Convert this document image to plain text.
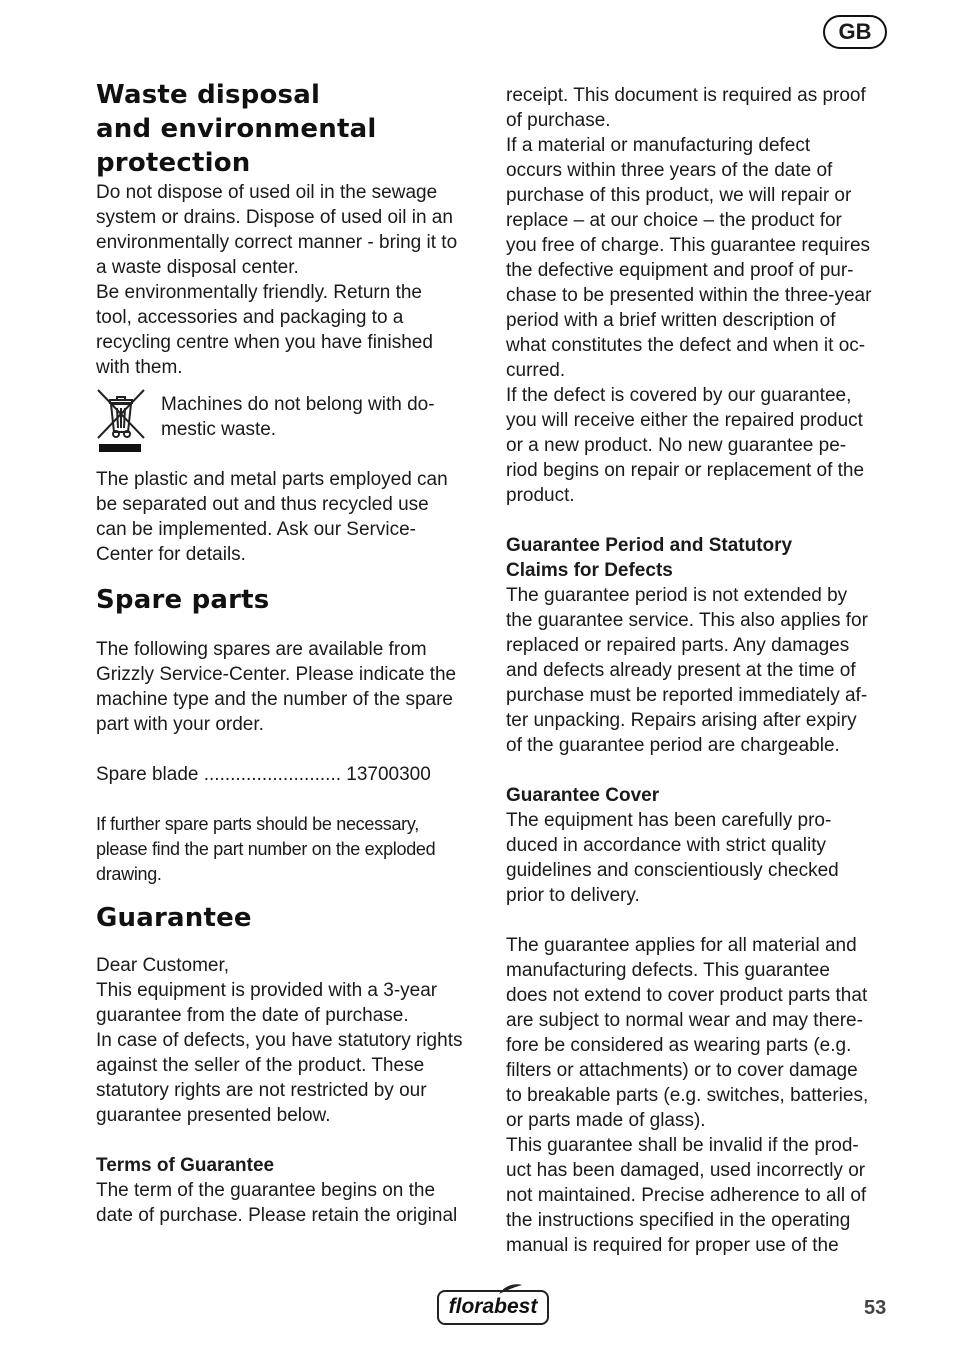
GB
Waste disposal
and environmental
protection

Do not dispose of used oil in the sewage
system or drains. Dispose of used oil in an
environmentally correct manner - bring it to
a waste disposal center.

Be environmentally friendly. Return the
tool, accessories and packaging to a
recycling centre when you have finished
with them.

Machines do not belong with do-
mestic waste.

The plastic and metal parts employed can
be separated out and thus recycled use
can be implemented. Ask our Service-
Center for details.

Spare parts

The following spares are available from
Grizzly Service-Center. Please indicate the
machine type and the number of the spare
part with your order.

Spare blade .......................... 13700300

If further spare parts should be necessary,
please find the part number on the exploded
drawing.

Guarantee

Dear Customer,
This equipment is provided with a 3-year
guarantee from the date of purchase.
In case of defects, you have statutory rights
against the seller of the product. These
statutory rights are not restricted by our
guarantee presented below.

Terms of Guarantee

The term of the guarantee begins on the
date of purchase. Please retain the original

receipt. This document is required as proof
of purchase.
If a material or manufacturing defect
occurs within three years of the date of
purchase of this product, we will repair or
replace – at our choice – the product for
you free of charge. This guarantee requires
the defective equipment and proof of pur-
chase to be presented within the three-year
period with a brief written description of
what constitutes the defect and when it oc-
curred.
If the defect is covered by our guarantee,
you will receive either the repaired product
or a new product. No new guarantee pe-
riod begins on repair or replacement of the
product.

Guarantee Period and Statutory
Claims for Defects

The guarantee period is not extended by
the guarantee service. This also applies for
replaced or repaired parts. Any damages
and defects already present at the time of
purchase must be reported immediately af-
ter unpacking. Repairs arising after expiry
of the guarantee period are chargeable.

Guarantee Cover

The equipment has been carefully pro-
duced in accordance with strict quality
guidelines and conscientiously checked
prior to delivery.

The guarantee applies for all material and
manufacturing defects. This guarantee
does not extend to cover product parts that
are subject to normal wear and may there-
fore be considered as wearing parts (e.g.
filters or attachments) or to cover damage
to breakable parts (e.g. switches, batteries,
or parts made of glass).
This guarantee shall be invalid if the prod-
uct has been damaged, used incorrectly or
not maintained. Precise adherence to all of
the instructions specified in the operating
manual is required for proper use of the

florabest	53
